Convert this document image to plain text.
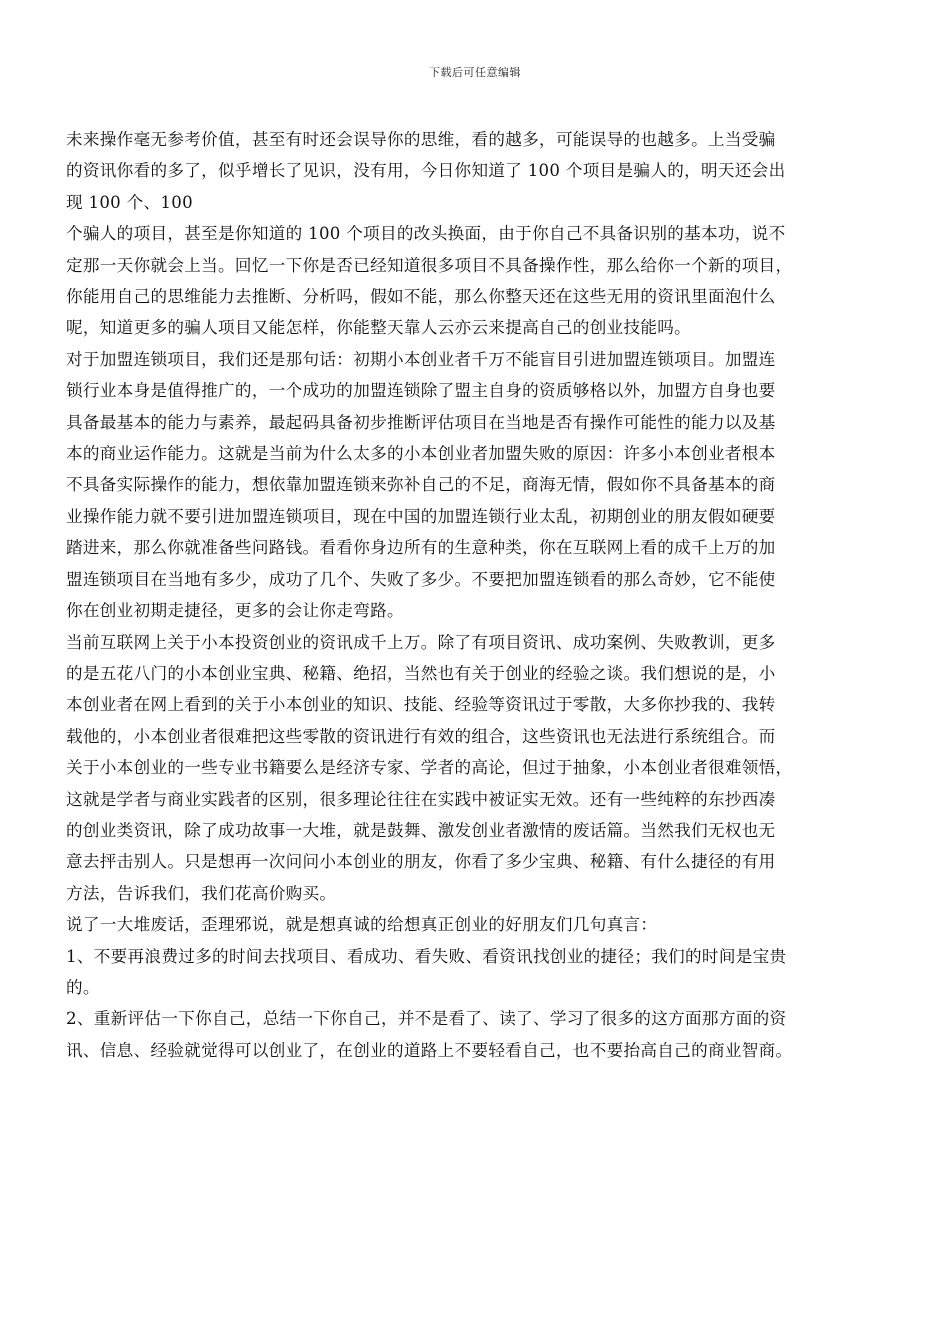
下载后可任意编辑
未来操作毫无参考价值，甚至有时还会误导你的思维，看的越多，可能误导的也越多。上当受骗
的资讯你看的多了，似乎增长了见识，没有用，今日你知道了 100 个项目是骗人的，明天还会出
现 100 个、100
个骗人的项目，甚至是你知道的 100 个项目的改头换面，由于你自己不具备识别的基本功，说不
定那一天你就会上当。回忆一下你是否已经知道很多项目不具备操作性，那么给你一个新的项目，
你能用自己的思维能力去推断、分析吗，假如不能，那么你整天还在这些无用的资讯里面泡什么
呢，知道更多的骗人项目又能怎样，你能整天靠人云亦云来提高自己的创业技能吗。
对于加盟连锁项目，我们还是那句话：初期小本创业者千万不能盲目引进加盟连锁项目。加盟连
锁行业本身是值得推广的，一个成功的加盟连锁除了盟主自身的资质够格以外，加盟方自身也要
具备最基本的能力与素养，最起码具备初步推断评估项目在当地是否有操作可能性的能力以及基
本的商业运作能力。这就是当前为什么太多的小本创业者加盟失败的原因：许多小本创业者根本
不具备实际操作的能力，想依靠加盟连锁来弥补自己的不足，商海无情，假如你不具备基本的商
业操作能力就不要引进加盟连锁项目，现在中国的加盟连锁行业太乱，初期创业的朋友假如硬要
踏进来，那么你就准备些问路钱。看看你身边所有的生意种类，你在互联网上看的成千上万的加
盟连锁项目在当地有多少，成功了几个、失败了多少。不要把加盟连锁看的那么奇妙，它不能使
你在创业初期走捷径，更多的会让你走弯路。
当前互联网上关于小本投资创业的资讯成千上万。除了有项目资讯、成功案例、失败教训，更多
的是五花八门的小本创业宝典、秘籍、绝招，当然也有关于创业的经验之谈。我们想说的是，小
本创业者在网上看到的关于小本创业的知识、技能、经验等资讯过于零散，大多你抄我的、我转
载他的，小本创业者很难把这些零散的资讯进行有效的组合，这些资讯也无法进行系统组合。而
关于小本创业的一些专业书籍要么是经济专家、学者的高论，但过于抽象，小本创业者很难领悟，
这就是学者与商业实践者的区别，很多理论往往在实践中被证实无效。还有一些纯粹的东抄西凑
的创业类资讯，除了成功故事一大堆，就是鼓舞、激发创业者激情的废话篇。当然我们无权也无
意去抨击别人。只是想再一次问问小本创业的朋友，你看了多少宝典、秘籍、有什么捷径的有用
方法，告诉我们，我们花高价购买。
说了一大堆废话，歪理邪说，就是想真诚的给想真正创业的好朋友们几句真言：
1、不要再浪费过多的时间去找项目、看成功、看失败、看资讯找创业的捷径；我们的时间是宝贵
的。
2、重新评估一下你自己，总结一下你自己，并不是看了、读了、学习了很多的这方面那方面的资
讯、信息、经验就觉得可以创业了，在创业的道路上不要轻看自己，也不要抬高自己的商业智商。
